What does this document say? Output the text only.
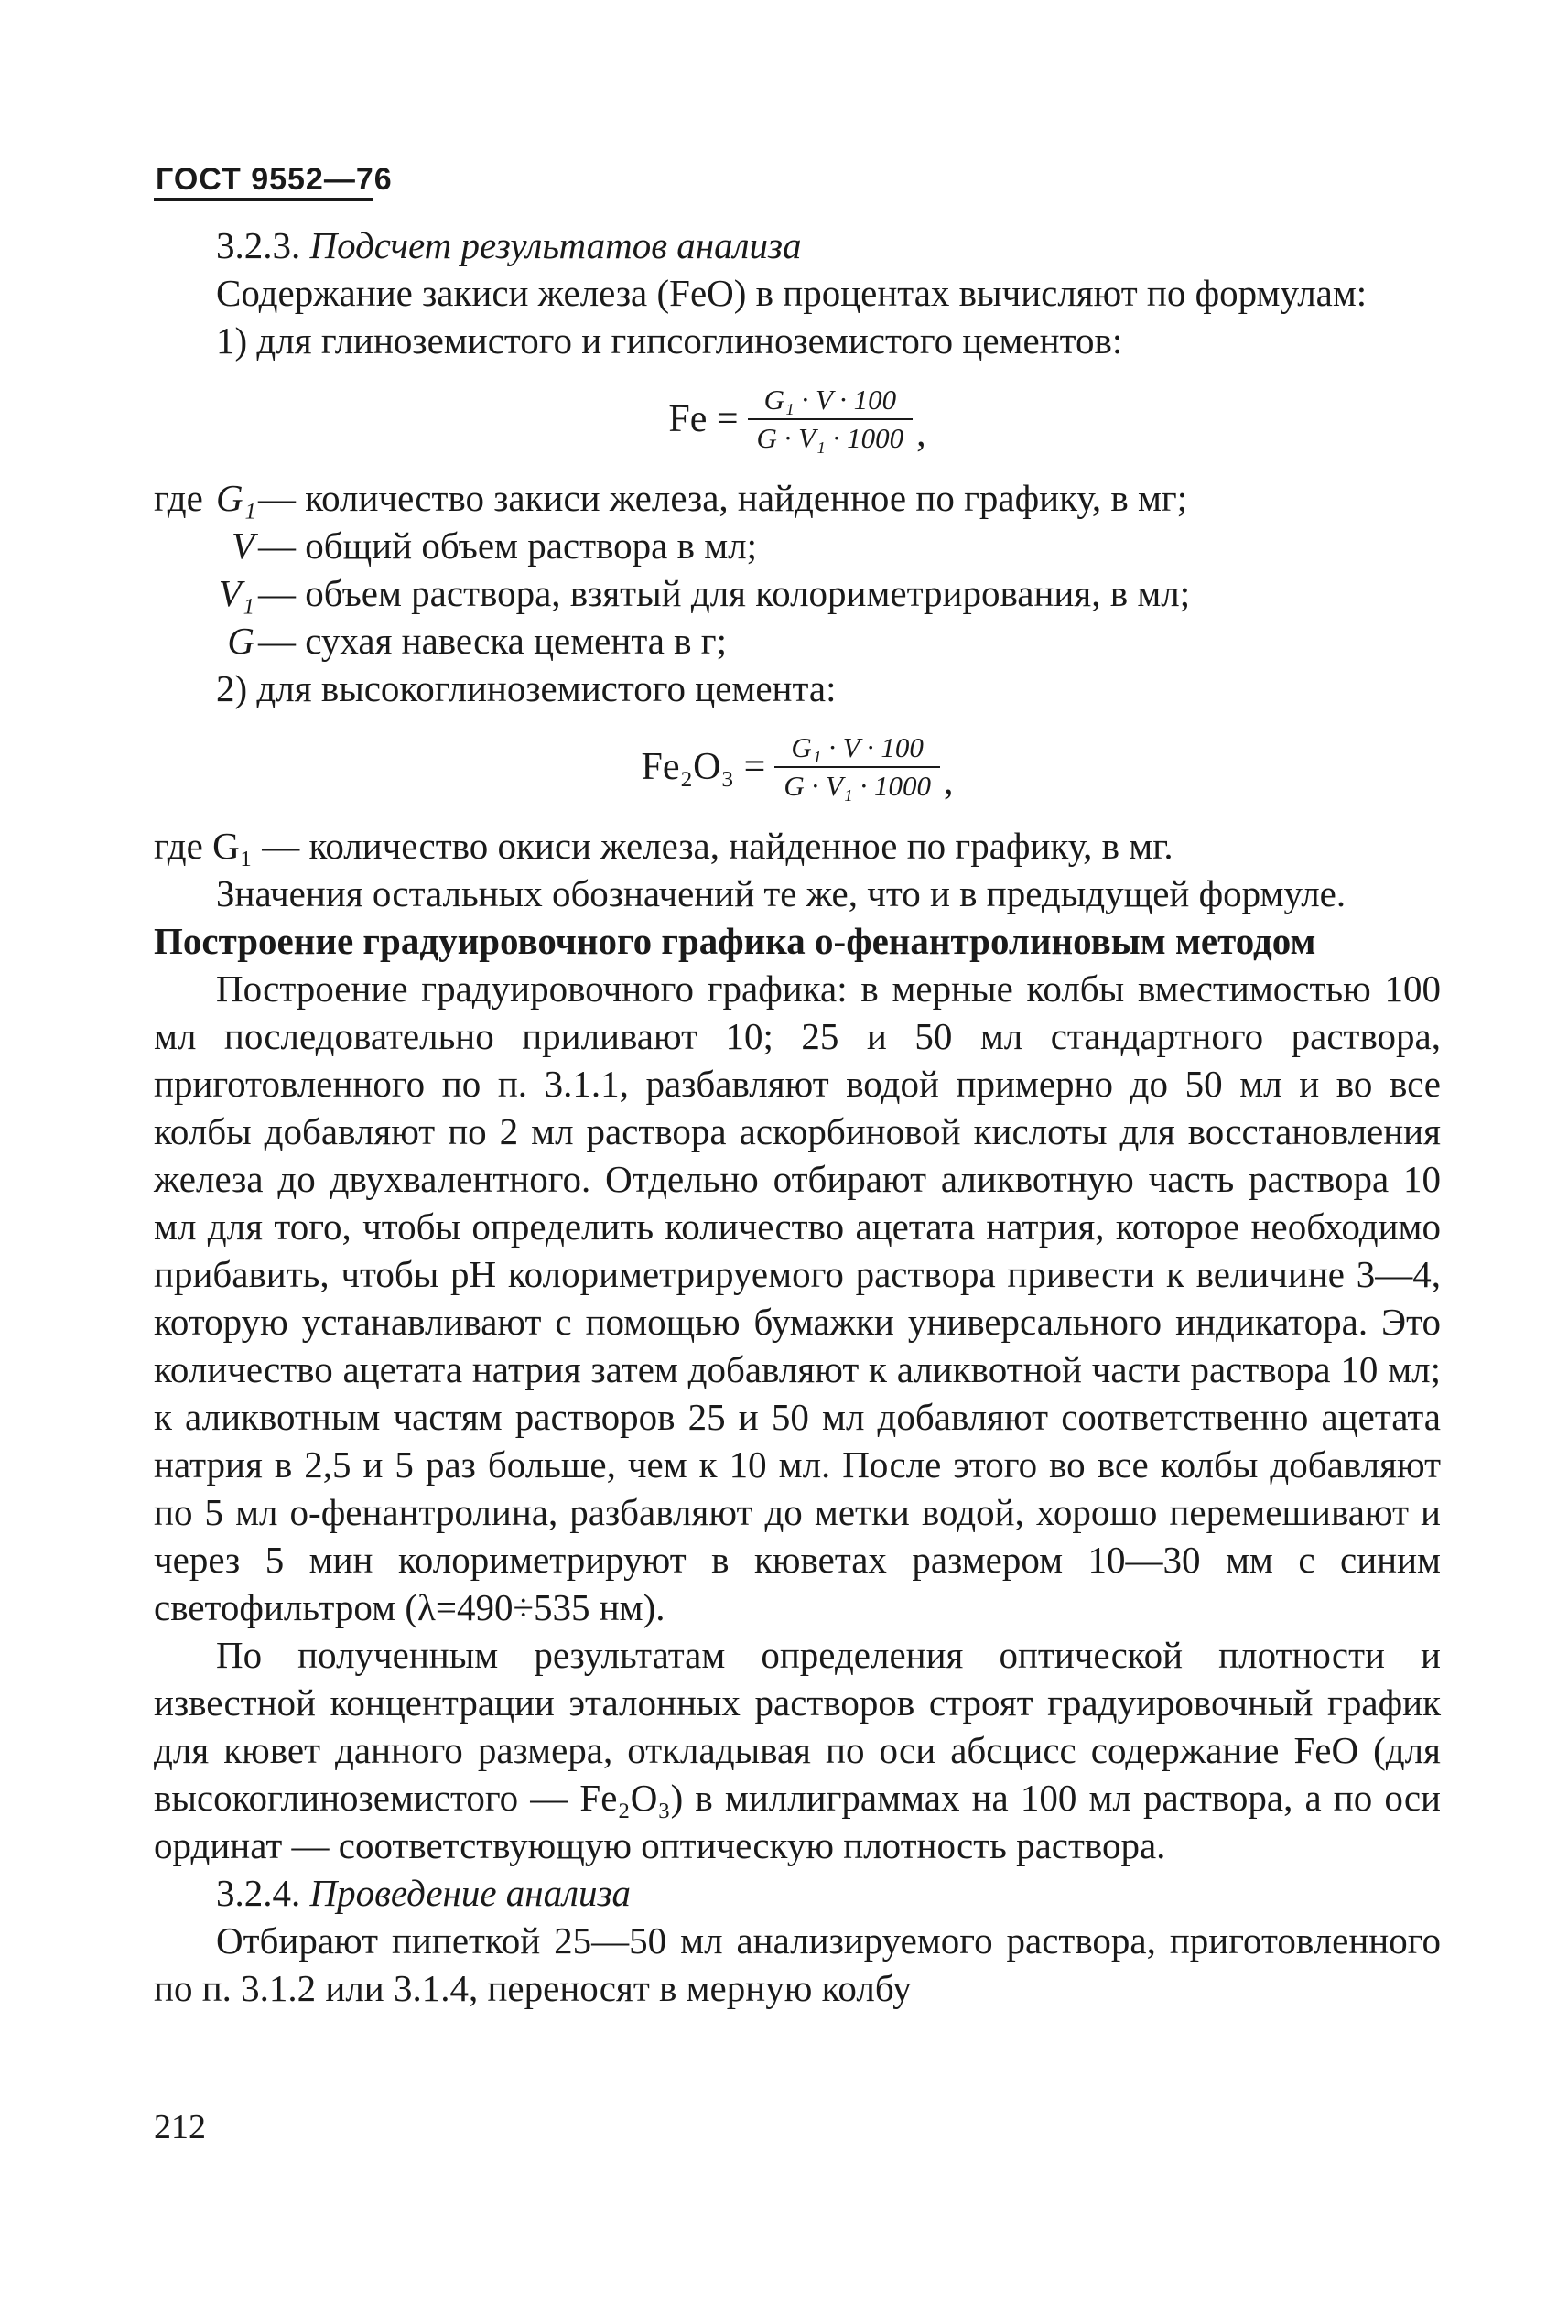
ГОСТ 9552—76

3.2.3. Подсчет результатов анализа

Содержание закиси железа (FeO) в процентах вычисляют по формулам:

1) для глиноземистого и гипсоглиноземистого цементов:

$Fe = \frac{\text{G₁ · V · 100}}{\text{G · V₁ · 1000}}$ ,
где G₁ — количество закиси железа, найденное по графику, в мг;
V — общий объем раствора в мл;
V₁ — объем раствора, взятый для колориметрирования, в мл;
G — сухая навеска цемента в г;

2) для высокоглиноземистого цемента:

$Fe_2O_3 = \frac{\text{G₁ · V · 100}}{\text{G · V₁ · 1000}}$ ,

где G₁ — количество окиси железа, найденное по графику, в мг.

Значения остальных обозначений те же, что и в предыдущей формуле.

Построение градуировочного графика о-фенантролиновым методом

Построение градуировочного графика: в мерные колбы вместимостью 100 мл последовательно приливают 10; 25 и 50 мл стандартного раствора, приготовленного по п. 3.1.1, разбавляют водой примерно до 50 мл и во все колбы добавляют по 2 мл раствора аскорбиновой кислоты для восстановления железа до двухвалентного. Отдельно отбирают аликвотную часть раствора 10 мл для того, чтобы определить количество ацетата натрия, которое необходимо прибавить, чтобы pH колориметрируемого раствора привести к величине 3—4, которую устанавливают с помощью бумажки универсального индикатора. Это количество ацетата натрия затем добавляют к аликвотной части раствора 10 мл; к аликвотным частям растворов 25 и 50 мл добавляют соответственно ацетата натрия в 2,5 и 5 раз больше, чем к 10 мл. После этого во все колбы добавляют по 5 мл о-фенантролина, разбавляют до метки водой, хорошо перемешивают и через 5 мин колориметрируют в кюветах размером 10—30 мм с синим светофильтром (λ=490÷535 нм).

По полученным результатам определения оптической плотности и известной концентрации эталонных растворов строят градуировочный график для кювет данного размера, откладывая по оси абсцисс содержание FeO (для высокоглиноземистого — Fe₂O₃) в миллиграммах на 100 мл раствора, а по оси ординат — соответствующую оптическую плотность раствора.

3.2.4. Проведение анализа

Отбирают пипеткой 25—50 мл анализируемого раствора, приготовленного по п. 3.1.2 или 3.1.4, переносят в мерную колбу

212
